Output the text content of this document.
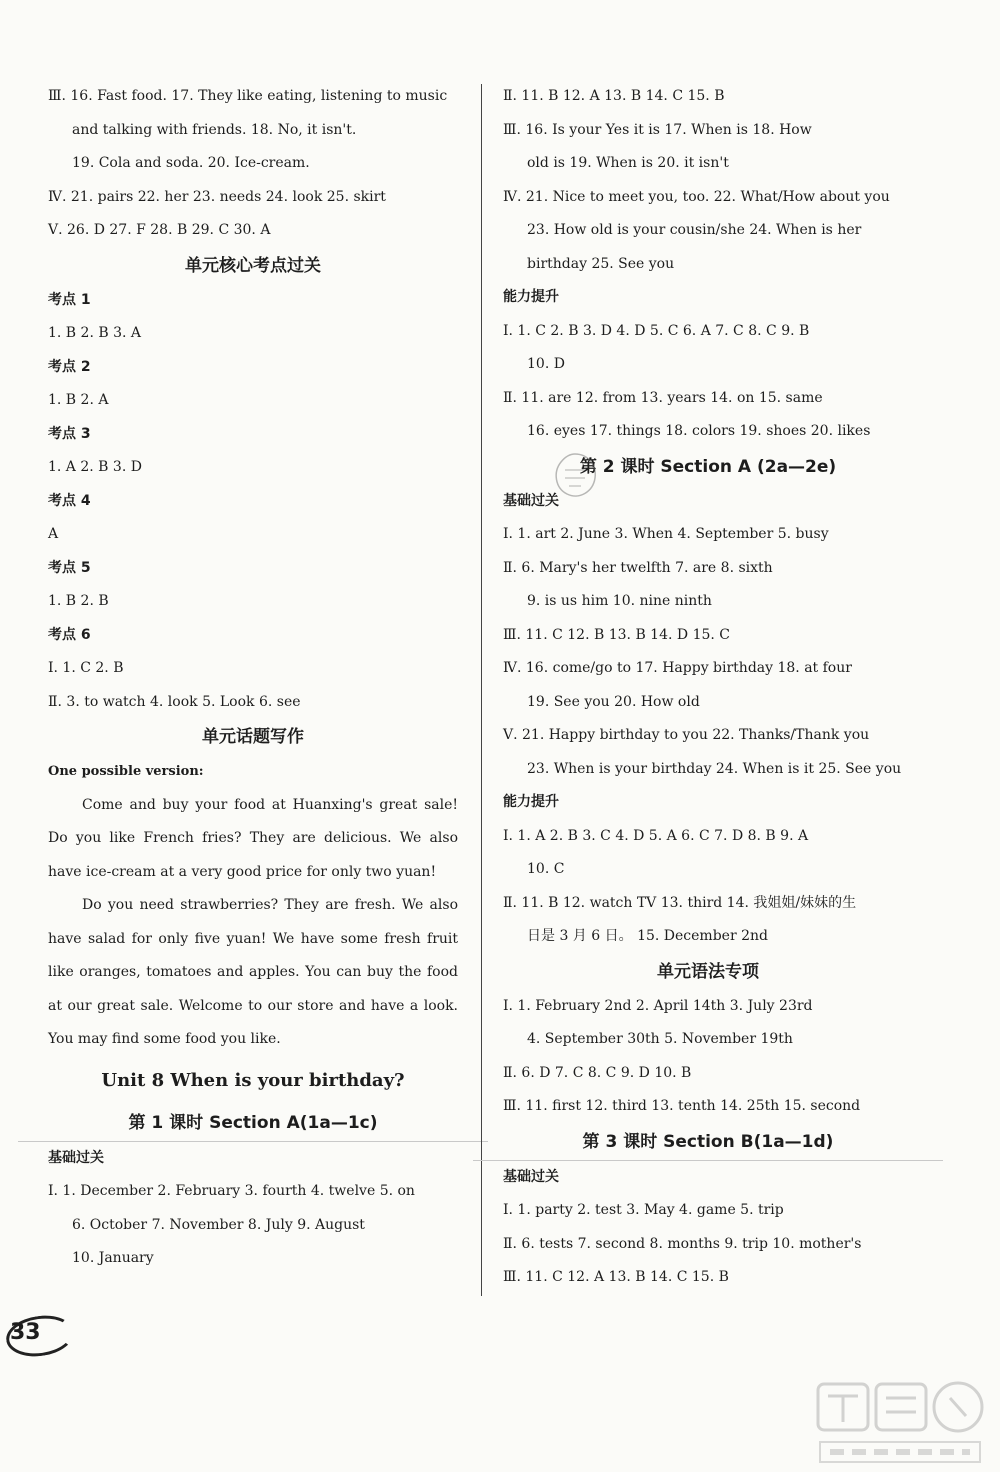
Ⅲ. 16. Fast food. 17. They like eating, listening to music
and talking with friends. 18. No, it isn't.
19. Cola and soda. 20. Ice-cream.
Ⅳ. 21. pairs 22. her 23. needs 24. look 25. skirt
Ⅴ. 26. D 27. F 28. B 29. C 30. A
单元核心考点过关
考点 1
1. B 2. B 3. A
考点 2
1. B 2. A
考点 3
1. A 2. B 3. D
考点 4
A
考点 5
1. B 2. B
考点 6
Ⅰ. 1. C 2. B
Ⅱ. 3. to watch 4. look 5. Look 6. see
单元话题写作
One possible version:
Come and buy your food at Huanxing's great sale! Do you like French fries? They are delicious. We also have ice-cream at a very good price for only two yuan!
Do you need strawberries? They are fresh. We also have salad for only five yuan! We have some fresh fruit like oranges, tomatoes and apples. You can buy the food at our great sale. Welcome to our store and have a look. You may find some food you like.
Unit 8 When is your birthday?
第 1 课时 Section A(1a—1c)
基础过关
Ⅰ. 1. December 2. February 3. fourth 4. twelve 5. on
6. October 7. November 8. July 9. August
10. January
Ⅱ. 11. B 12. A 13. B 14. C 15. B
Ⅲ. 16. Is your Yes it is 17. When is 18. How
old is 19. When is 20. it isn't
Ⅳ. 21. Nice to meet you, too. 22. What/How about you
23. How old is your cousin/she 24. When is her
birthday 25. See you
能力提升
Ⅰ. 1. C 2. B 3. D 4. D 5. C 6. A 7. C 8. C 9. B
10. D
Ⅱ. 11. are 12. from 13. years 14. on 15. same
16. eyes 17. things 18. colors 19. shoes 20. likes
第 2 课时 Section A (2a—2e)
基础过关
Ⅰ. 1. art 2. June 3. When 4. September 5. busy
Ⅱ. 6. Mary's her twelfth 7. are 8. sixth
9. is us him 10. nine ninth
Ⅲ. 11. C 12. B 13. B 14. D 15. C
Ⅳ. 16. come/go to 17. Happy birthday 18. at four
19. See you 20. How old
Ⅴ. 21. Happy birthday to you 22. Thanks/Thank you
23. When is your birthday 24. When is it 25. See you
能力提升
Ⅰ. 1. A 2. B 3. C 4. D 5. A 6. C 7. D 8. B 9. A
10. C
Ⅱ. 11. B 12. watch TV 13. third 14. 我姐姐/妹妹的生
日是 3 月 6 日。 15. December 2nd
单元语法专项
Ⅰ. 1. February 2nd 2. April 14th 3. July 23rd
4. September 30th 5. November 19th
Ⅱ. 6. D 7. C 8. C 9. D 10. B
Ⅲ. 11. first 12. third 13. tenth 14. 25th 15. second
第 3 课时 Section B(1a—1d)
基础过关
Ⅰ. 1. party 2. test 3. May 4. game 5. trip
Ⅱ. 6. tests 7. second 8. months 9. trip 10. mother's
Ⅲ. 11. C 12. A 13. B 14. C 15. B
33
